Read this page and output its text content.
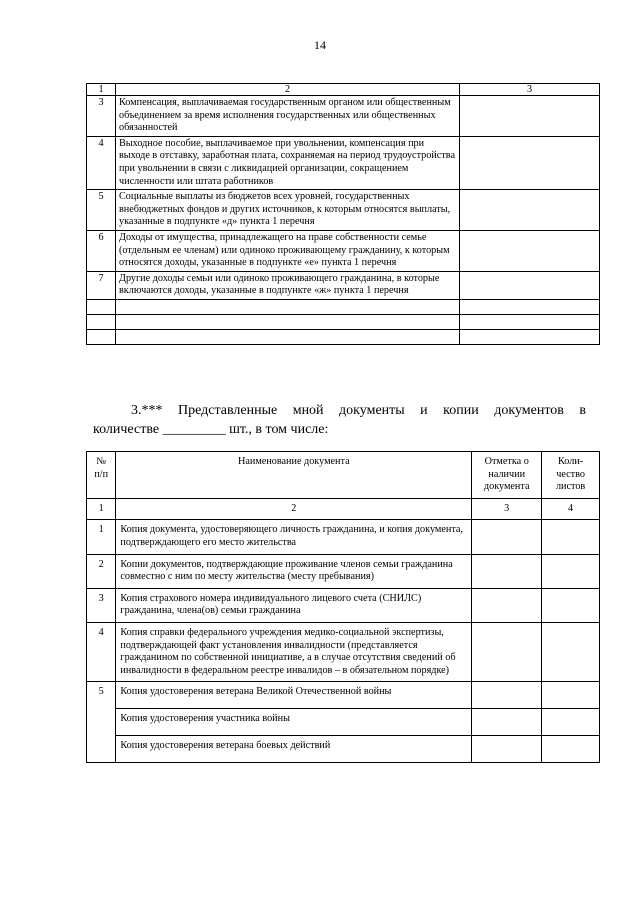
14
1	2	3
3	Компенсация, выплачиваемая государственным органом или общественным объединением за время исполнения государственных или общественных обязанностей	
4	Выходное пособие, выплачиваемое при увольнении, компенсация при выходе в отставку, заработная плата, сохраняемая на период трудоустройства при увольнении в связи с ликвидацией организации, сокращением численности или штата работников	
5	Социальные выплаты из бюджетов всех уровней, государственных внебюджетных фондов и других источников, к которым относятся выплаты, указанные в подпункте «д» пункта 1 перечня	
6	Доходы от имущества, принадлежащего на праве собственности семье (отдельным ее членам) или одиноко проживающему гражданину, к которым относятся доходы, указанные в подпункте «е» пункта 1 перечня	
7	Другие доходы семьи или одиноко проживающего гражданина, в которые включаются доходы, указанные в подпункте «ж» пункта 1 перечня	

3.*** Представленные мной документы и копии документов в
количестве _________ шт., в том числе:
№ п/п	Наименование документа	Отметка о наличии документа	Коли-чество листов
1	2	3	4
1	Копия документа, удостоверяющего личность гражданина, и копия документа, подтверждающего его место жительства		
2	Копии документов, подтверждающие проживание членов семьи гражданина совместно с ним по месту жительства (месту пребывания)		
3	Копия страхового номера индивидуального лицевого счета (СНИЛС) гражданина, члена(ов) семьи гражданина		
4	Копия справки федерального учреждения медико-социальной экспертизы, подтверждающей факт установления инвалидности (представляется гражданином по собственной инициативе, а в случае отсутствия сведений об инвалидности в федеральном реестре инвалидов – в обязательном порядке)		
5	Копия удостоверения ветерана Великой Отечественной войны		
	Копия удостоверения участника войны		
	Копия удостоверения ветерана боевых действий		
